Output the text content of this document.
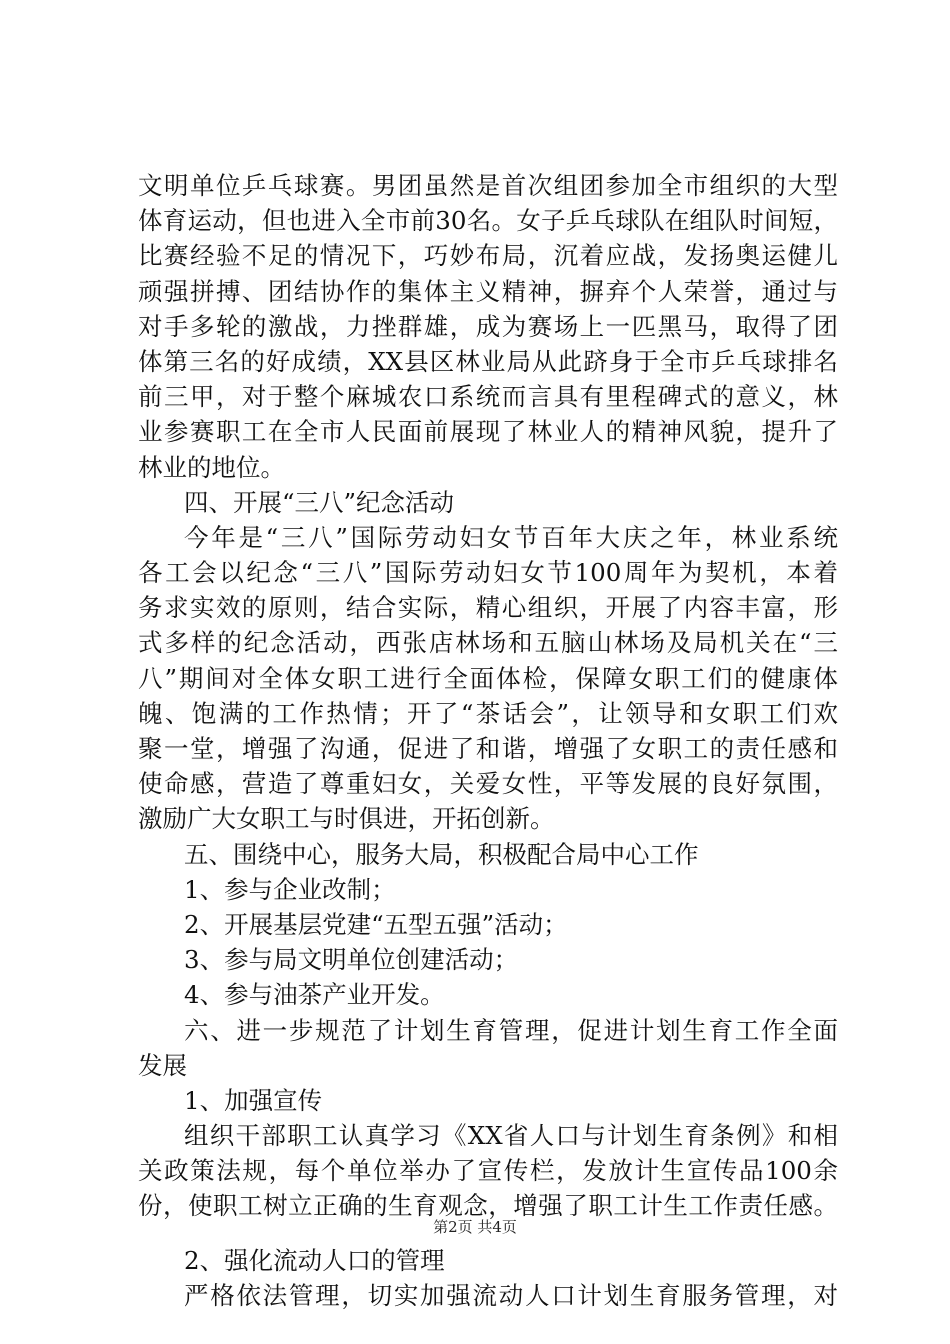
文明单位乒乓球赛。男团虽然是首次组团参加全市组织的大型
体育运动，但也进入全市前30名。女子乒乓球队在组队时间短，
比赛经验不足的情况下，巧妙布局，沉着应战，发扬奥运健儿
顽强拼搏、团结协作的集体主义精神，摒弃个人荣誉，通过与
对手多轮的激战，力挫群雄，成为赛场上一匹黑马，取得了团
体第三名的好成绩，XX县区林业局从此跻身于全市乒乓球排名
前三甲，对于整个麻城农口系统而言具有里程碑式的意义，林
业参赛职工在全市人民面前展现了林业人的精神风貌，提升了
林业的地位。
四、开展“三八”纪念活动
今年是“三八”国际劳动妇女节百年大庆之年，林业系统
各工会以纪念“三八”国际劳动妇女节100周年为契机，本着
务求实效的原则，结合实际，精心组织，开展了内容丰富，形
式多样的纪念活动，西张店林场和五脑山林场及局机关在“三
八”期间对全体女职工进行全面体检，保障女职工们的健康体
魄、饱满的工作热情；开了“茶话会”，让领导和女职工们欢
聚一堂，增强了沟通，促进了和谐，增强了女职工的责任感和
使命感，营造了尊重妇女，关爱女性，平等发展的良好氛围，
激励广大女职工与时俱进，开拓创新。
五、围绕中心，服务大局，积极配合局中心工作
1、参与企业改制；
2、开展基层党建“五型五强”活动；
3、参与局文明单位创建活动；
4、参与油茶产业开发。
六、进一步规范了计划生育管理，促进计划生育工作全面
发展
1、加强宣传
组织干部职工认真学习《XX省人口与计划生育条例》和相
关政策法规，每个单位举办了宣传栏，发放计生宣传品100余
份，使职工树立正确的生育观念，增强了职工计生工作责任感。
2、强化流动人口的管理
严格依法管理，切实加强流动人口计划生育服务管理，对
第2页 共4页
